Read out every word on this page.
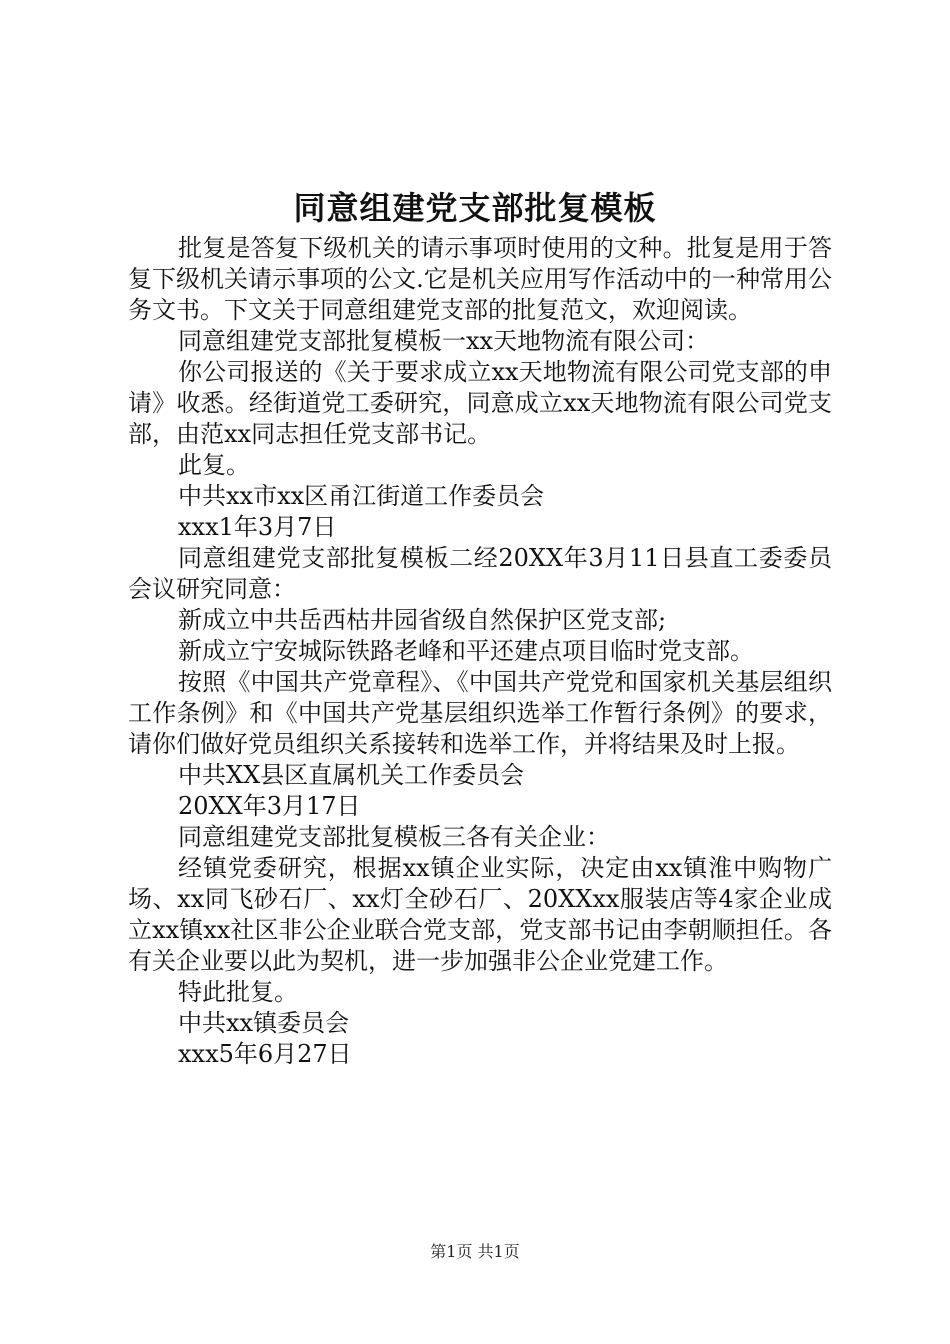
同意组建党支部批复模板

批复是答复下级机关的请示事项时使用的文种。批复是用于答复下级机关请示事项的公文.它是机关应用写作活动中的一种常用公务文书。下文关于同意组建党支部的批复范文，欢迎阅读。

同意组建党支部批复模板一xx天地物流有限公司：

你公司报送的《关于要求成立xx天地物流有限公司党支部的申请》收悉。经街道党工委研究，同意成立xx天地物流有限公司党支部，由范xx同志担任党支部书记。

此复。

中共xx市xx区甬江街道工作委员会

xxx1年3月7日

同意组建党支部批复模板二经20XX年3月11日县直工委委员会议研究同意：

新成立中共岳西枯井园省级自然保护区党支部;

新成立宁安城际铁路老峰和平还建点项目临时党支部。

按照《中国共产党章程》、《中国共产党党和国家机关基层组织工作条例》和《中国共产党基层组织选举工作暂行条例》的要求，请你们做好党员组织关系接转和选举工作，并将结果及时上报。

中共XX县区直属机关工作委员会

20XX年3月17日

同意组建党支部批复模板三各有关企业：

经镇党委研究，根据xx镇企业实际，决定由xx镇淮中购物广场、xx同飞砂石厂、xx灯全砂石厂、20XXxx服装店等4家企业成立xx镇xx社区非公企业联合党支部，党支部书记由李朝顺担任。各有关企业要以此为契机，进一步加强非公企业党建工作。

特此批复。

中共xx镇委员会

xxx5年6月27日

第1页 共1页
